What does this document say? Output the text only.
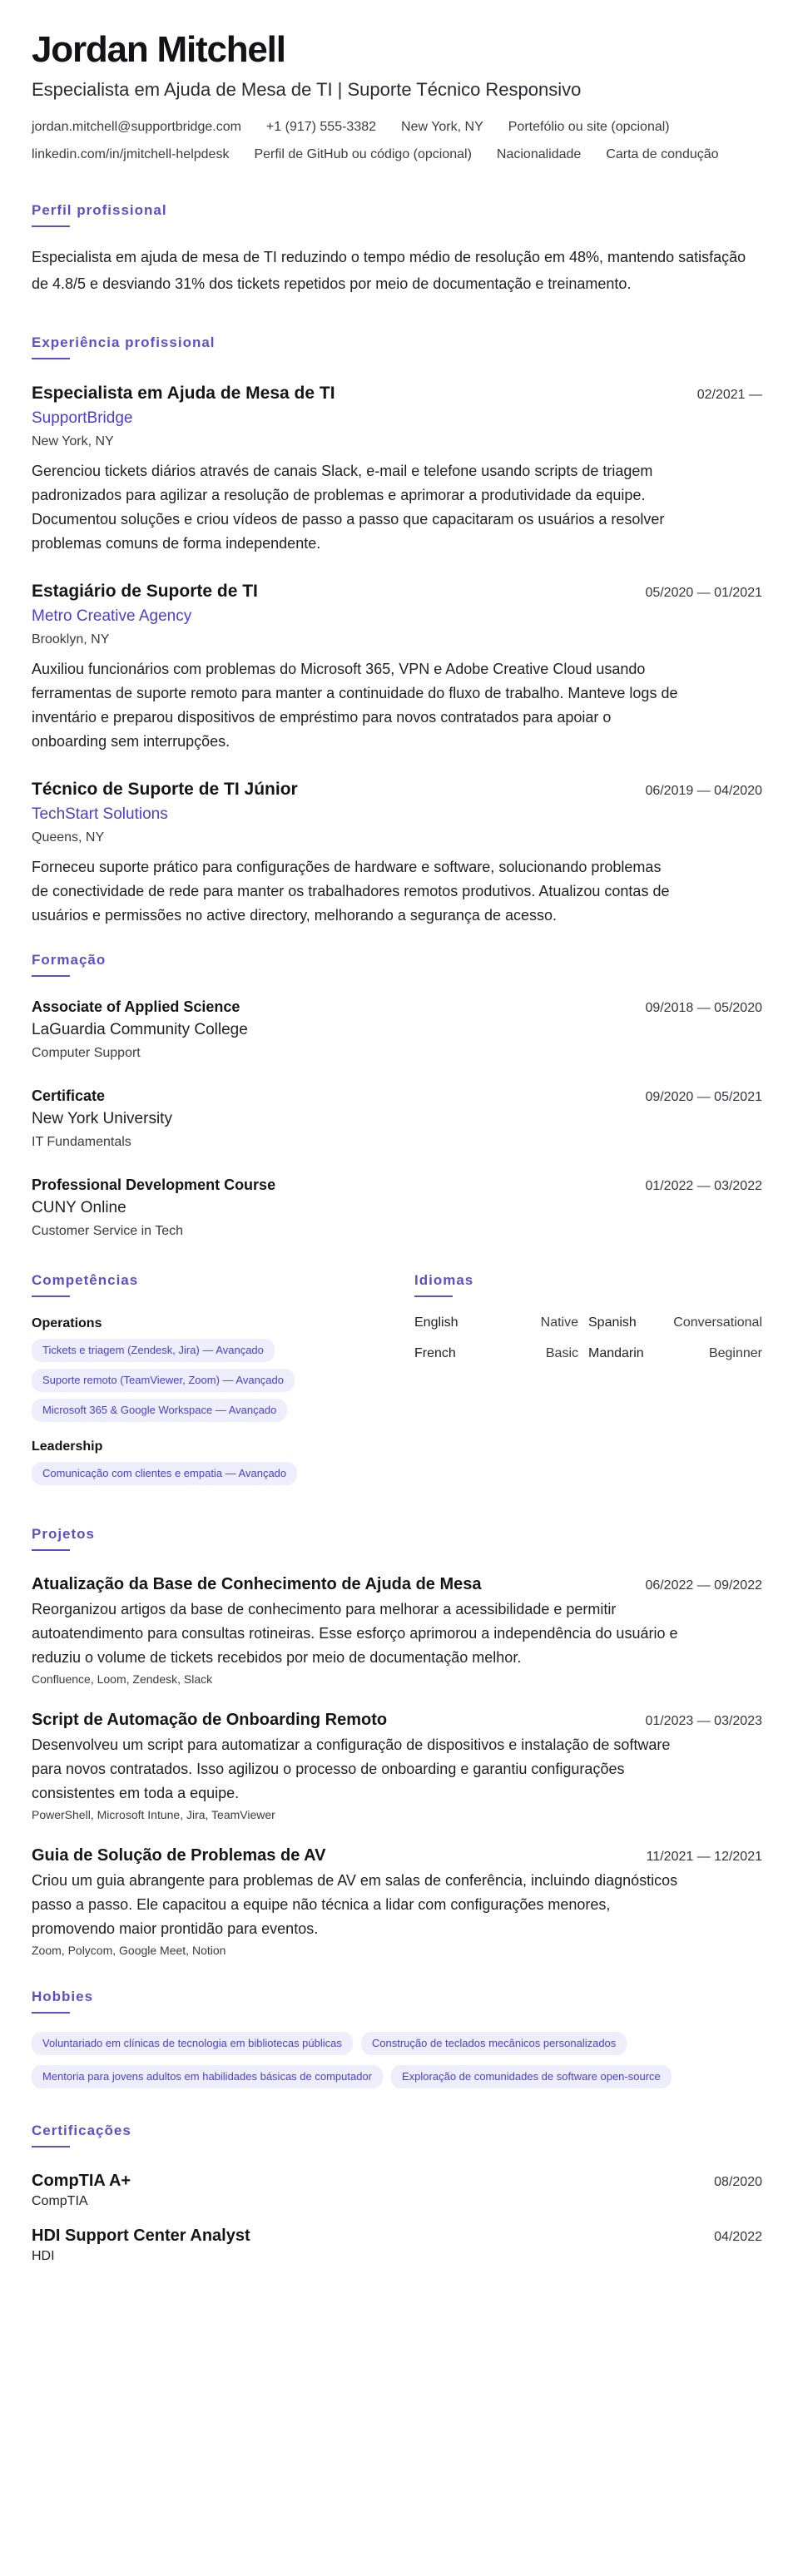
Jordan Mitchell
Especialista em Ajuda de Mesa de TI | Suporte Técnico Responsivo
jordan.mitchell@supportbridge.com +1 (917) 555-3382 New York, NY Portefólio ou site (opcional)
linkedin.com/in/jmitchell-helpdesk Perfil de GitHub ou código (opcional) Nacionalidade Carta de condução
Perfil profissional

Especialista em ajuda de mesa de TI reduzindo o tempo médio de resolução em 48%, mantendo satisfação de 4.8/5 e desviando 31% dos tickets repetidos por meio de documentação e treinamento.

Experiência profissional
Especialista em Ajuda de Mesa de TI	02/2021 —
SupportBridge
New York, NY

Gerenciou tickets diários através de canais Slack, e-mail e telefone usando scripts de triagem padronizados para agilizar a resolução de problemas e aprimorar a produtividade da equipe. Documentou soluções e criou vídeos de passo a passo que capacitaram os usuários a resolver problemas comuns de forma independente.

Estagiário de Suporte de TI	05/2020 — 01/2021
Metro Creative Agency
Brooklyn, NY

Auxiliou funcionários com problemas do Microsoft 365, VPN e Adobe Creative Cloud usando ferramentas de suporte remoto para manter a continuidade do fluxo de trabalho. Manteve logs de inventário e preparou dispositivos de empréstimo para novos contratados para apoiar o onboarding sem interrupções.

Técnico de Suporte de TI Júnior	06/2019 — 04/2020
TechStart Solutions
Queens, NY

Forneceu suporte prático para configurações de hardware e software, solucionando problemas de conectividade de rede para manter os trabalhadores remotos produtivos. Atualizou contas de usuários e permissões no active directory, melhorando a segurança de acesso.

Formação
Associate of Applied Science	09/2018 — 05/2020
LaGuardia Community College
Computer Support
Certificate	09/2020 — 05/2021
New York University
IT Fundamentals
Professional Development Course	01/2022 — 03/2022
CUNY Online
Customer Service in Tech
Competências
Operations
Tickets e triagem (Zendesk, Jira) — Avançado
Suporte remoto (TeamViewer, Zoom) — Avançado
Microsoft 365 & Google Workspace — Avançado
Leadership
Comunicação com clientes e empatia — Avançado
Idiomas
English	Native Spanish	Conversational
French	Basic Mandarin	Beginner
Projetos
Atualização da Base de Conhecimento de Ajuda de Mesa	06/2022 — 09/2022

Reorganizou artigos da base de conhecimento para melhorar a acessibilidade e permitir autoatendimento para consultas rotineiras. Esse esforço aprimorou a independência do usuário e reduziu o volume de tickets recebidos por meio de documentação melhor.

Confluence, Loom, Zendesk, Slack
Script de Automação de Onboarding Remoto	01/2023 — 03/2023

Desenvolveu um script para automatizar a configuração de dispositivos e instalação de software para novos contratados. Isso agilizou o processo de onboarding e garantiu configurações consistentes em toda a equipe.

PowerShell, Microsoft Intune, Jira, TeamViewer
Guia de Solução de Problemas de AV	11/2021 — 12/2021

Criou um guia abrangente para problemas de AV em salas de conferência, incluindo diagnósticos passo a passo. Ele capacitou a equipe não técnica a lidar com configurações menores, promovendo maior prontidão para eventos.

Zoom, Polycom, Google Meet, Notion
Hobbies
Voluntariado em clínicas de tecnologia em bibliotecas públicas	Construção de teclados mecânicos personalizados
Mentoria para jovens adultos em habilidades básicas de computador	Exploração de comunidades de software open-source
Certificações
CompTIA A+	08/2020
CompTIA
HDI Support Center Analyst	04/2022
HDI
